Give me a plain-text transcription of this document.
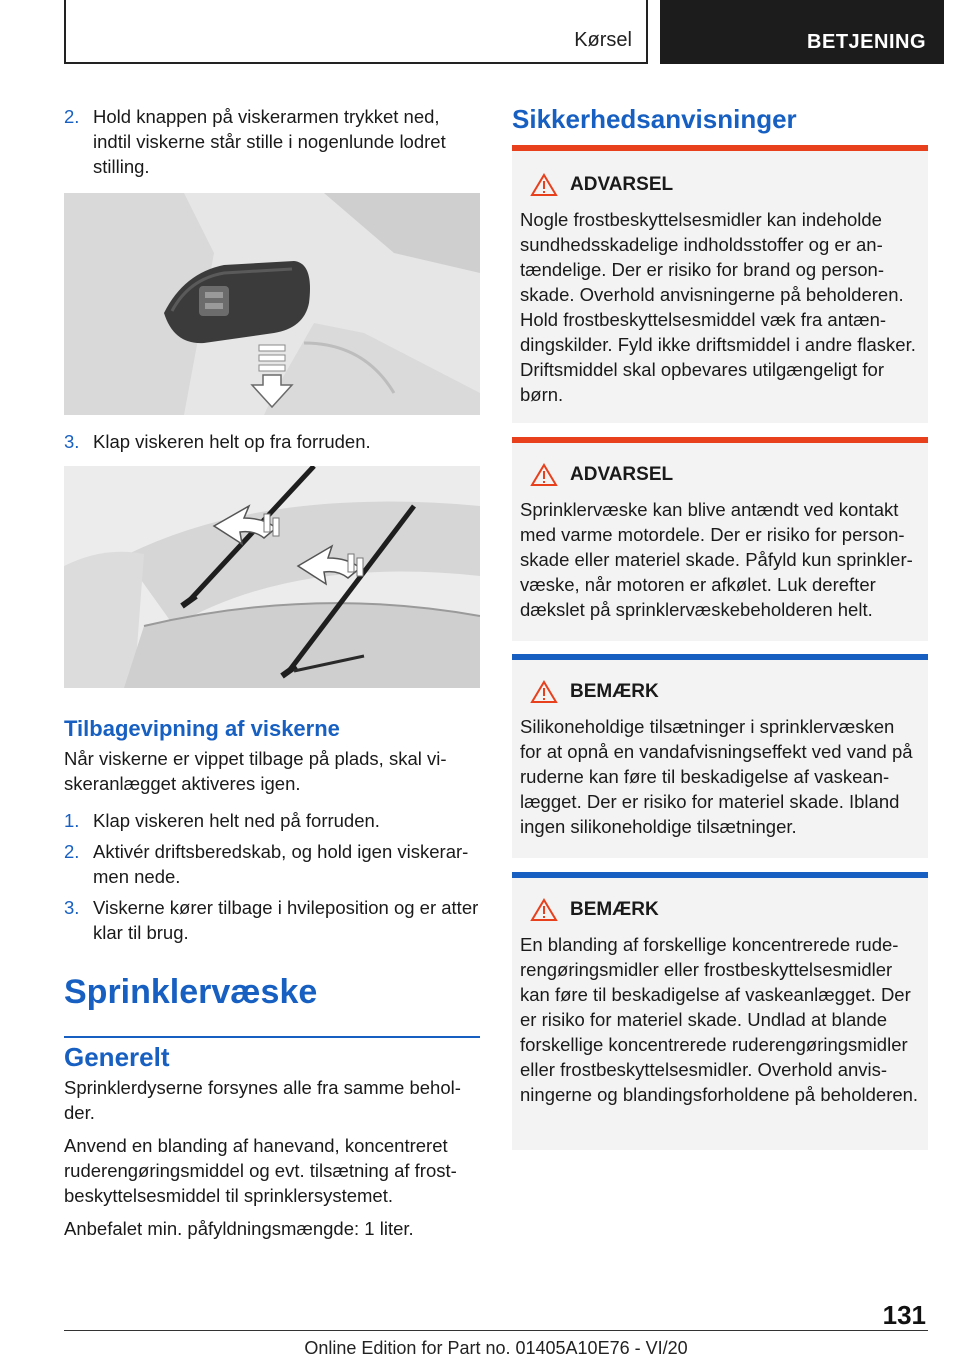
Kørsel	BETJENING
2. Hold knappen på viskerarmen trykket ned, indtil viskerne står stille i nogenlunde lodret stilling.
3. Klap viskeren helt op fra forruden.
Tilbagevipning af viskerne

Når viskerne er vippet tilbage på plads, skal viskeranlægget aktiveres igen.

1. Klap viskeren helt ned på forruden.
2. Aktivér driftsberedskab, og hold igen viskerarmen nede.
3. Viskerne kører tilbage i hvileposition og er atter klar til brug.
Sprinklervæske
Generelt

Sprinklerdyserne forsynes alle fra samme beholder.

Anvend en blanding af hanevand, koncentreret ruderengøringsmiddel og evt. tilsætning af frostbeskyttelsesmiddel til sprinklersystemet.

Anbefalet min. påfyldningsmængde: 1 liter.

Sikkerhedsanvisninger
ADVARSEL
Nogle frostbeskyttelsesmidler kan indeholde sundhedsskadelige indholdsstoffer og er antændelige. Der er risiko for brand og personskade. Overhold anvisningerne på beholderen. Hold frostbeskyttelsesmiddel væk fra antændingskilder. Fyld ikke driftsmiddel i andre flasker. Driftsmiddel skal opbevares utilgængeligt for børn.
ADVARSEL
Sprinklervæske kan blive antændt ved kontakt med varme motordele. Der er risiko for personskade eller materiel skade. Påfyld kun sprinklervæske, når motoren er afkølet. Luk derefter dækslet på sprinklervæskebeholderen helt.
BEMÆRK
Silikoneholdige tilsætninger i sprinklervæsken for at opnå en vandafvisningseffekt ved vand på ruderne kan føre til beskadigelse af vaskeanlægget. Der er risiko for materiel skade. Ibland ingen silikoneholdige tilsætninger.
BEMÆRK
En blanding af forskellige koncentrerede ruderengøringsmidler eller frostbeskyttelsesmidler kan føre til beskadigelse af vaskeanlægget. Der er risiko for materiel skade. Undlad at blande forskellige koncentrerede ruderengøringsmidler eller frostbeskyttelsesmidler. Overhold anvisningerne og blandingsforholdene på beholderen.
131
Online Edition for Part no. 01405A10E76 - VI/20
